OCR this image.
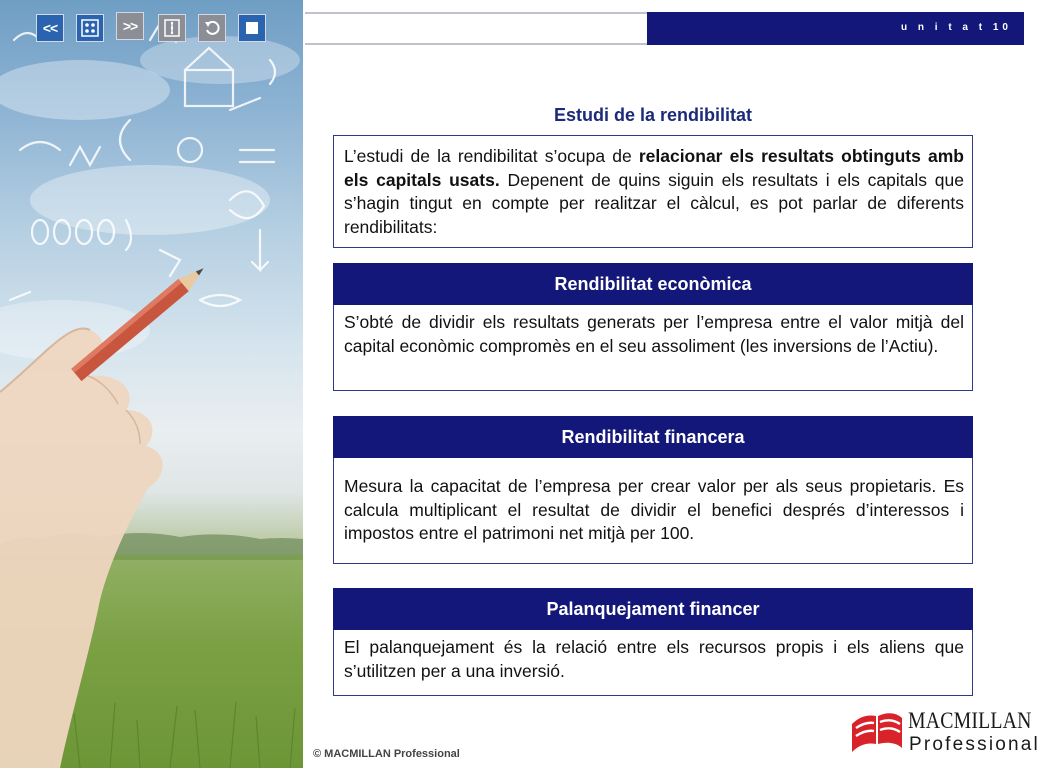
<<	>>	u n i t a t 10
Estudi de la rendibilitat

L’estudi de la rendibilitat s’ocupa de relacionar els resultats obtinguts amb els capitals usats. Depenent de quins siguin els resultats i els capitals que s’hagin tingut en compte per realitzar el càlcul, es pot parlar de diferents rendibilitats:

Rendibilitat econòmica

S’obté de dividir els resultats generats per l’empresa entre el valor mitjà del capital econòmic compromès en el seu assoliment (les inversions de l’Actiu).

Rendibilitat financera

Mesura la capacitat de l’empresa per crear valor per als seus propietaris. Es calcula multiplicant el resultat de dividir el benefici després d’interessos i impostos entre el patrimoni net mitjà per 100.

Palanquejament financer

El palanquejament és la relació entre els recursos propis i els aliens que s’utilitzen per a una inversió.

© MACMILLAN Professional
MACMILLAN
Professional
